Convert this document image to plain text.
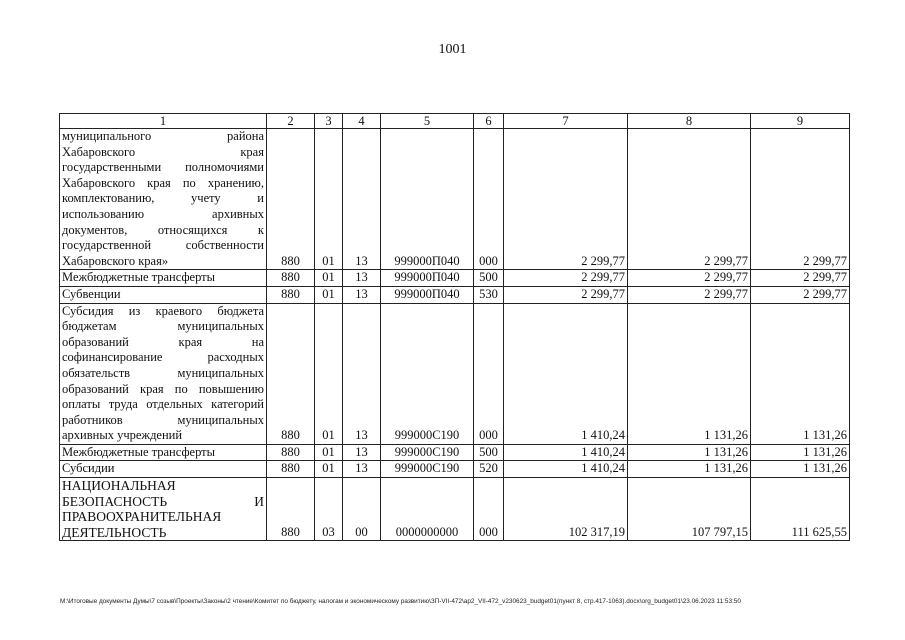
1001
1	2	3	4	5	6	7	8	9
муниципального района Хабаровского края государственными полномочиями Хабаровского края по хранению, комплектованию, учету и использованию архивных документов, относящихся к государственной собственности Хабаровского края»	880	01	13	999000П040	000	2 299,77	2 299,77	2 299,77
Межбюджетные трансферты	880	01	13	999000П040	500	2 299,77	2 299,77	2 299,77
Субвенции	880	01	13	999000П040	530	2 299,77	2 299,77	2 299,77
Субсидия из краевого бюджета бюджетам муниципальных образований края на софинансирование расходных обязательств муниципальных образований края по повышению оплаты труда отдельных категорий работников муниципальных архивных учреждений	880	01	13	999000С190	000	1 410,24	1 131,26	1 131,26
Межбюджетные трансферты	880	01	13	999000С190	500	1 410,24	1 131,26	1 131,26
Субсидии	880	01	13	999000С190	520	1 410,24	1 131,26	1 131,26
НАЦИОНАЛЬНАЯ БЕЗОПАСНОСТЬ И ПРАВООХРАНИТЕЛЬНАЯ ДЕЯТЕЛЬНОСТЬ	880	03	00	0000000000	000	102 317,19	107 797,15	111 625,55
M:\Итоговые документы Думы\7 созыв\Проекты\Законы\2 чтение\Комитет по бюджету, налогам и экономическому развитию\ЗП-VII-472\ap2_VII-472_v230623_budget01(пункт 8, стр.417-1063).docx\org_budget01\23.06.2023 11:53:50
